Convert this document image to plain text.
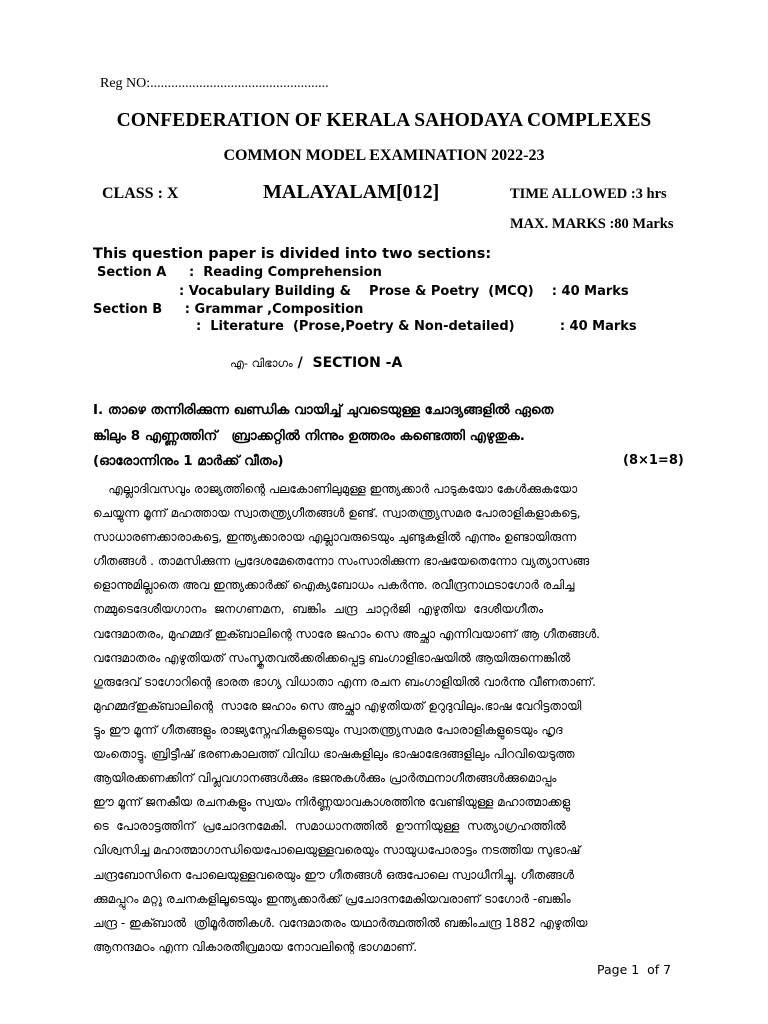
Reg NO:...................................................
CONFEDERATION OF KERALA SAHODAYA COMPLEXES
COMMON MODEL EXAMINATION 2022-23
CLASS : X	MALAYALAM[012]	TIME ALLOWED :3 hrs
MAX. MARKS :80 Marks
This question paper is divided into two sections:
Section A     :  Reading Comprehension
: Vocabulary Building &    Prose & Poetry  (MCQ)    : 40 Marks
Section B     : Grammar ,Composition
:  Literature  (Prose,Poetry & Non-detailed)          : 40 Marks
എ- വിഭാഗം /  SECTION -A
I. താഴെ തന്നിരിക്കുന്ന ഖണ്ഡിക വായിച്ച് ചുവടെയുള്ള ചോദ്യങ്ങളിൽ ഏതെ
ങ്കിലും 8 എണ്ണത്തിന്   ബ്രാക്കറ്റിൽ നിന്നും ഉത്തരം കണ്ടെത്തി എഴുതുക.
(ഓരോന്നിനും 1 മാർക്ക് വീതം)	(8×1=8)
എല്ലാദിവസവും രാജ്യത്തിന്റെ പലകോണിലുമുള്ള ഇന്ത്യക്കാർ പാടുകയോ കേൾക്കുകയോ
ചെയ്യുന്ന മൂന്ന് മഹത്തായ സ്വാതന്ത്ര്യഗീതങ്ങൾ ഉണ്ട്. സ്വാതന്ത്ര്യസമര പോരാളികളാകട്ടെ,
സാധാരണക്കാരാകട്ടെ, ഇന്ത്യക്കാരായ എല്ലാവരുടെയും ചുണ്ടുകളിൽ എന്നും ഉണ്ടായിരുന്ന
ഗീതങ്ങൾ . താമസിക്കുന്ന പ്രദേശമേതെന്നോ സംസാരിക്കുന്ന ഭാഷയേതെന്നോ വ്യത്യാസങ്ങ
ളൊന്നുമില്ലാതെ അവ ഇന്ത്യക്കാർക്ക് ഐക്യബോധം പകർന്നു. രവീന്ദ്രനാഥടാഗോർ രചിച്ച
നമ്മുടെദേശീയഗാനം  ജനഗണമന,  ബങ്കിം  ചന്ദ്ര  ചാറ്റർജി  എഴുതിയ  ദേശീയഗീതം
വന്ദേമാതരം, മുഹമ്മദ് ഇക്ബാലിന്റെ സാരേ ജഹാം സെ അച്ഛാ എന്നിവയാണ് ആ ഗീതങ്ങൾ.
വന്ദേമാതരം എഴുതിയത് സംസ്കൃതവൽക്കരിക്കപ്പെട്ട ബംഗാളിഭാഷയിൽ ആയിരുന്നെങ്കിൽ
ഗുരുദേവ് ടാഗോറിന്റെ ഭാരത ഭാഗ്യ വിധാതാ എന്ന രചന ബംഗാളിയിൽ വാർന്നു വീണതാണ്.
മുഹമ്മദ്ഇക്ബാലിന്റെ  സാരേ ജഹാം സെ അച്ഛാ എഴുതിയത് ഉറുദുവിലും.ഭാഷ വേറിട്ടതായി
ട്ടും ഈ മൂന്ന് ഗീതങ്ങളും രാജ്യസ്നേഹികളുടെയും സ്വാതന്ത്ര്യസമര പോരാളികളുടെയും ഹൃദ
യംതൊട്ടു. ബ്രിട്ടീഷ് ഭരണകാലത്ത് വിവിധ ഭാഷകളിലും ഭാഷാഭേദങ്ങളിലും പിറവിയെടുത്ത
ആയിരക്കണക്കിന് വിപ്ലവഗാനങ്ങൾക്കും ഭജനുകൾക്കും പ്രാർത്ഥനാഗീതങ്ങൾക്കുമൊപ്പം
ഈ മൂന്ന് ജനകീയ രചനകളും സ്വയം നിർണ്ണയാവകാശത്തിനു വേണ്ടിയുള്ള മഹാത്മാക്കളു
ടെ  പോരാട്ടത്തിന്  പ്രചോദനമേകി.  സമാധാനത്തിൽ  ഊന്നിയുള്ള  സത്യാഗ്രഹത്തിൽ
വിശ്വസിച്ച മഹാത്മാഗാന്ധിയെപോലെയുള്ളവരെയും സായുധപോരാട്ടം നടത്തിയ സുഭാഷ്
ചന്ദ്രബോസിനെ പോലെയുള്ളവരെയും ഈ ഗീതങ്ങൾ ഒരുപോലെ സ്വാധീനിച്ചു. ഗീതങ്ങൾ
ക്കുമപ്പുറം മറ്റു രചനകളിലൂടെയും ഇന്ത്യക്കാർക്ക് പ്രചോദനമേകിയവരാണ് ടാഗോർ -ബങ്കിം
ചന്ദ്ര - ഇക്ബാൽ  ത്രിമൂർത്തികൾ. വന്ദേമാതരം യഥാർത്ഥത്തിൽ ബങ്കിംചന്ദ്ര 1882 എഴുതിയ
ആനന്ദമഠം എന്ന വികാരതീവ്രമായ നോവലിന്റെ ഭാഗമാണ്.
Page 1  of 7
